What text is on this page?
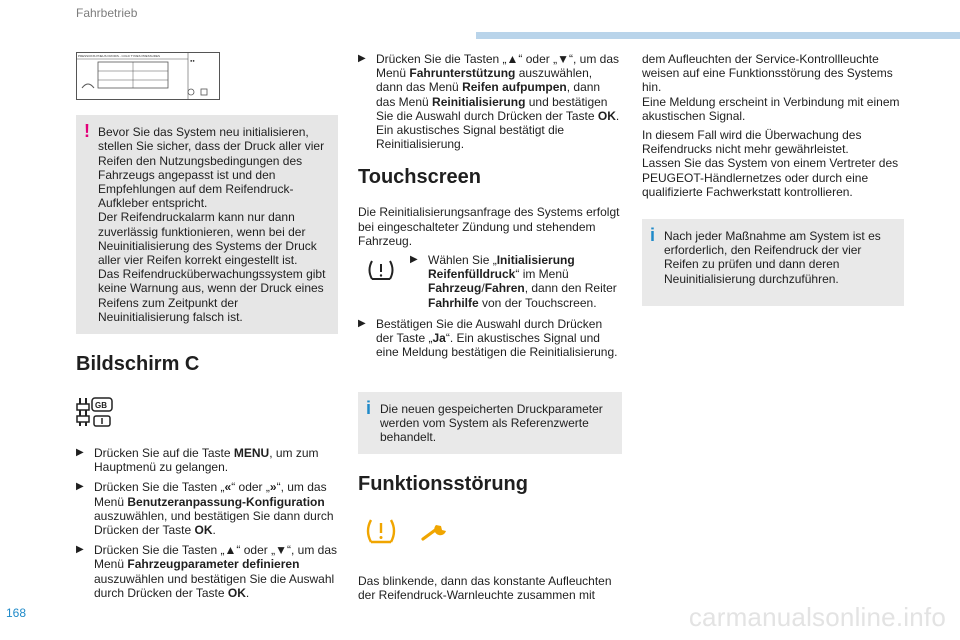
Fahrbetrieb
PRESSIONS PNEUS FROIDS - COLD TYRES PRESSURES
●●
! Bevor Sie das System neu initialisieren, stellen Sie sicher, dass der Druck aller vier Reifen den Nutzungsbedingungen des Fahrzeugs angepasst ist und den Empfehlungen auf dem Reifendruck-Aufkleber entspricht.

Der Reifendruckalarm kann nur dann zuverlässig funktionieren, wenn bei der Neuinitialisierung des Systems der Druck aller vier Reifen korrekt eingestellt ist.

Das Reifendrucküberwachungssystem gibt keine Warnung aus, wenn der Druck eines Reifens zum Zeitpunkt der Neuinitialisierung falsch ist.

Bildschirm C
GB
▶ Drücken Sie auf die Taste MENU, um zum Hauptmenü zu gelangen.
▶ Drücken Sie die Tasten „«“ oder „»“, um das Menü Benutzeranpassung-Konfiguration auszuwählen, und bestätigen Sie dann durch Drücken der Taste OK.
▶ Drücken Sie die Tasten „▲“ oder „▼“, um das Menü Fahrzeugparameter definieren auszuwählen und bestätigen Sie die Auswahl durch Drücken der Taste OK.
▶ Drücken Sie die Tasten „▲“ oder „▼“, um das Menü Fahrunterstützung auszuwählen, dann das Menü Reifen aufpumpen, dann das Menü Reinitialisierung und bestätigen Sie die Auswahl durch Drücken der Taste OK. Ein akustisches Signal bestätigt die Reinitialisierung.
Touchscreen

Die Reinitialisierungsanfrage des Systems erfolgt bei eingeschalteter Zündung und stehendem Fahrzeug.

▶ Wählen Sie „Initialisierung Reifenfülldruck“ im Menü Fahrzeug/Fahren, dann den Reiter Fahrhilfe von der Touchscreen.
▶ Bestätigen Sie die Auswahl durch Drücken der Taste „Ja“. Ein akustisches Signal und eine Meldung bestätigen die Reinitialisierung.
i Die neuen gespeicherten Druckparameter werden vom System als Referenzwerte behandelt.

Funktionsstörung

Das blinkende, dann das konstante Aufleuchten der Reifendruck-Warnleuchte zusammen mit

dem Aufleuchten der Service-Kontrollleuchte weisen auf eine Funktionsstörung des Systems hin.

Eine Meldung erscheint in Verbindung mit einem akustischen Signal.

In diesem Fall wird die Überwachung des Reifendrucks nicht mehr gewährleistet.

Lassen Sie das System von einem Vertreter des PEUGEOT-Händlernetzes oder durch eine qualifizierte Fachwerkstatt kontrollieren.

i Nach jeder Maßnahme am System ist es erforderlich, den Reifendruck der vier Reifen zu prüfen und dann deren Neuinitialisierung durchzuführen.

168	carmanualsonline.info
